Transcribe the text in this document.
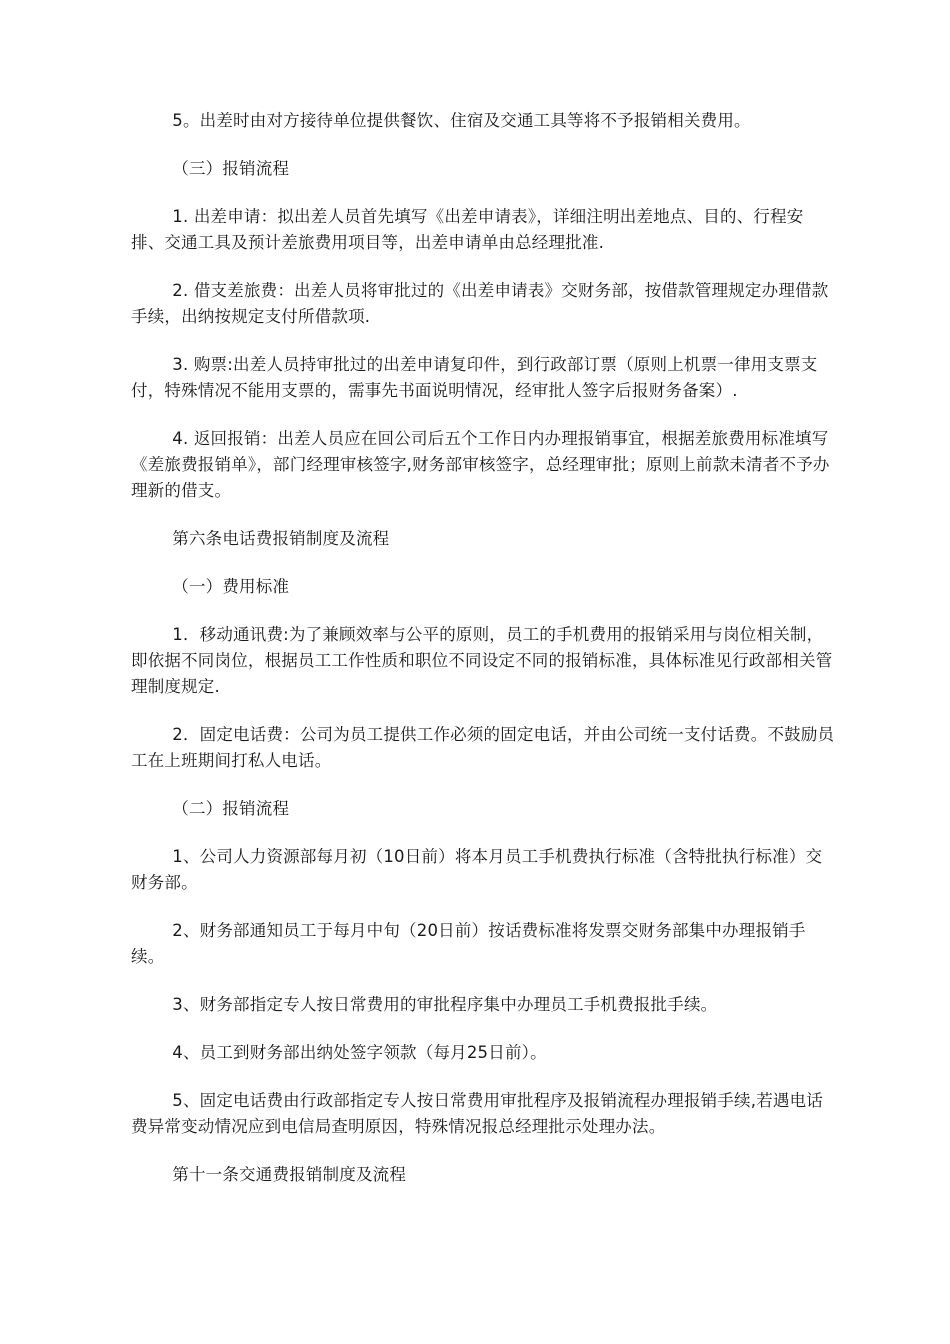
5。出差时由对方接待单位提供餐饮、住宿及交通工具等将不予报销相关费用。

（三）报销流程

1. 出差申请：拟出差人员首先填写《出差申请表》，详细注明出差地点、目的、行程安排、交通工具及预计差旅费用项目等，出差申请单由总经理批准.

2. 借支差旅费：出差人员将审批过的《出差申请表》交财务部，按借款管理规定办理借款手续，出纳按规定支付所借款项.

3. 购票:出差人员持审批过的出差申请复印件，到行政部订票（原则上机票一律用支票支付，特殊情况不能用支票的，需事先书面说明情况，经审批人签字后报财务备案）.

4. 返回报销：出差人员应在回公司后五个工作日内办理报销事宜，根据差旅费用标准填写《差旅费报销单》，部门经理审核签字,财务部审核签字，总经理审批；原则上前款未清者不予办理新的借支。

第六条电话费报销制度及流程

（一）费用标准

1．移动通讯费:为了兼顾效率与公平的原则，员工的手机费用的报销采用与岗位相关制，即依据不同岗位，根据员工工作性质和职位不同设定不同的报销标准，具体标准见行政部相关管理制度规定.

2．固定电话费：公司为员工提供工作必须的固定电话，并由公司统一支付话费。不鼓励员工在上班期间打私人电话。

（二）报销流程

1、公司人力资源部每月初（10日前）将本月员工手机费执行标准（含特批执行标准）交财务部。

2、财务部通知员工于每月中旬（20日前）按话费标准将发票交财务部集中办理报销手续。

3、财务部指定专人按日常费用的审批程序集中办理员工手机费报批手续。

4、员工到财务部出纳处签字领款（每月25日前）。

5、固定电话费由行政部指定专人按日常费用审批程序及报销流程办理报销手续,若遇电话费异常变动情况应到电信局查明原因，特殊情况报总经理批示处理办法。

第十一条交通费报销制度及流程
